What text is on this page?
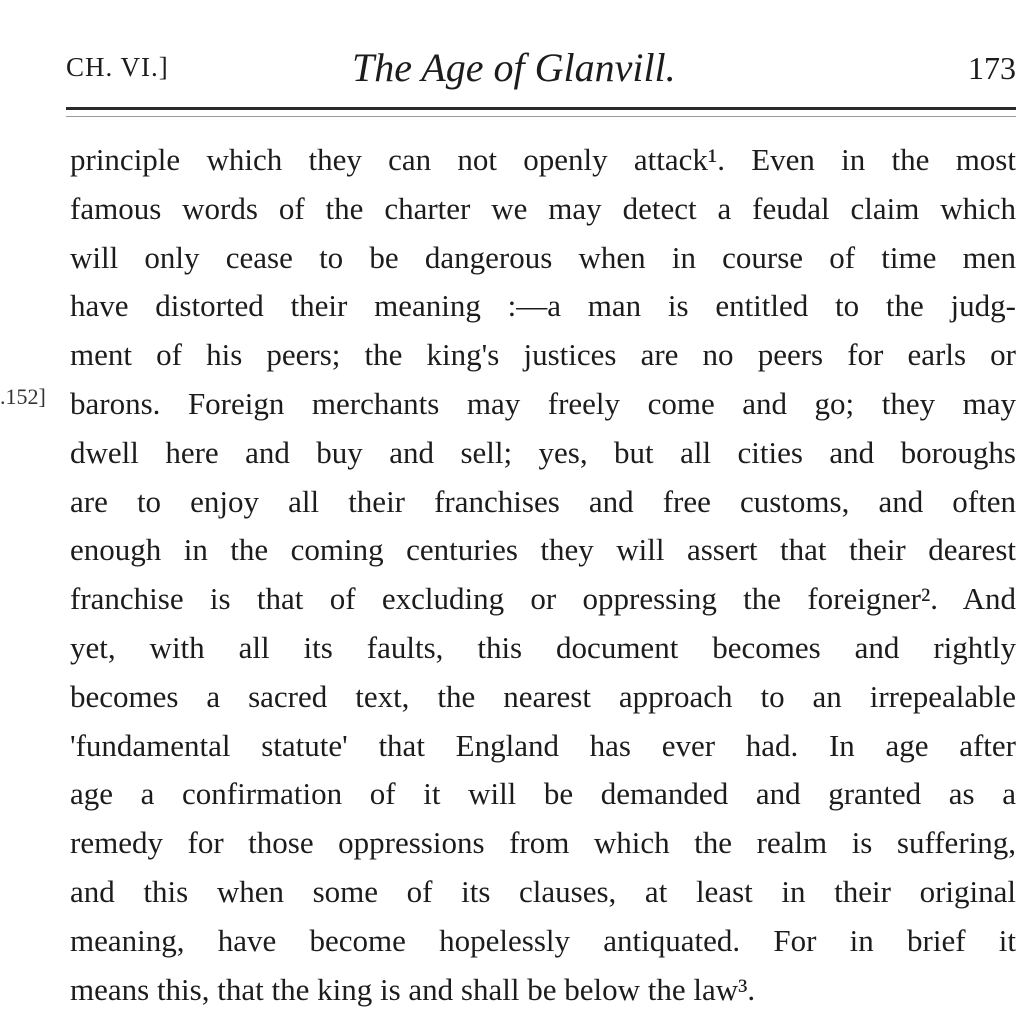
CH. VI.]	The Age of Glanvill.	173
.152]
principle which they can not openly attack¹. Even in the most
famous words of the charter we may detect a feudal claim which
will only cease to be dangerous when in course of time men
have distorted their meaning :—a man is entitled to the judg-
ment of his peers; the king's justices are no peers for earls or
barons. Foreign merchants may freely come and go; they may
dwell here and buy and sell; yes, but all cities and boroughs
are to enjoy all their franchises and free customs, and often
enough in the coming centuries they will assert that their dearest
franchise is that of excluding or oppressing the foreigner². And
yet, with all its faults, this document becomes and rightly
becomes a sacred text, the nearest approach to an irrepealable
'fundamental statute' that England has ever had. In age after
age a confirmation of it will be demanded and granted as a
remedy for those oppressions from which the realm is suffering,
and this when some of its clauses, at least in their original
meaning, have become hopelessly antiquated. For in brief it
means this, that the king is and shall be below the law³.
